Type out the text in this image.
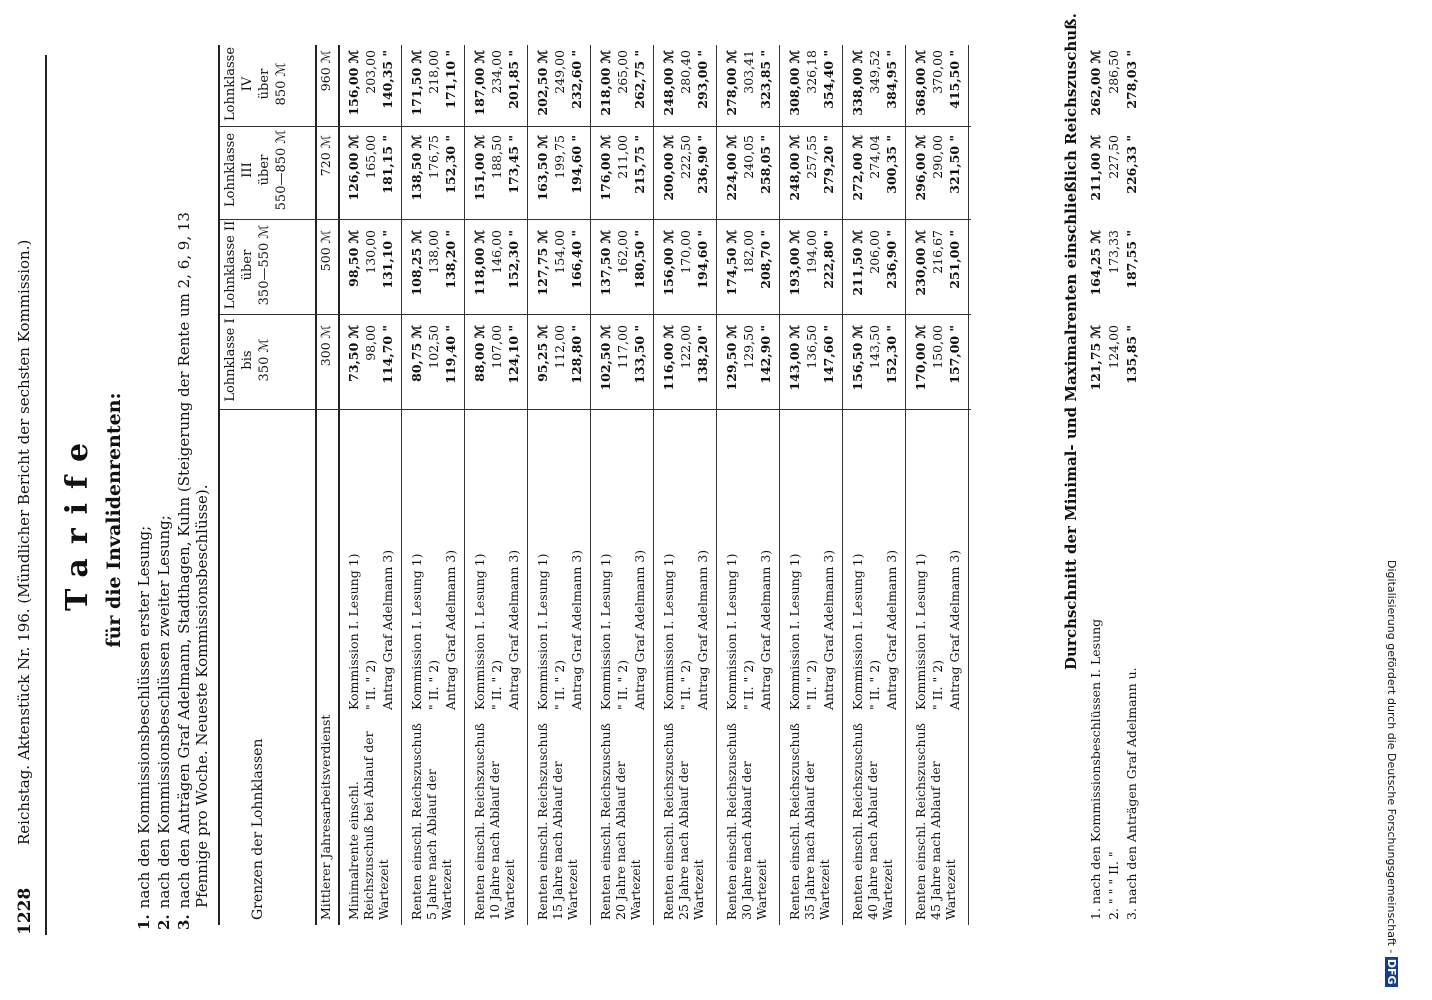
1228
Reichstag. Aktenstück Nr. 196. (Mündlicher Bericht der sechsten Kommission.) Tarife für die Invalidenrenten:
1.nach den Kommissionsbeschlüssen erster Lesung;
2.nach den Kommissionsbeschlüssen zweiter Lesung;
3.nach den Anträgen Graf Adelmann, Stadthagen, Kuhn (Steigerung der Rente um 2, 6, 9, 13 Pfennige pro Woche. Neueste Kommissionsbeschlüsse).	Grenzen der Lohnklassen
Lohnklasse I bis 350 ℳ
Lohnklasse II über 350—550 ℳ
Lohnklasse III über 550—850 ℳ
Lohnklasse IV über 850 ℳ
Mittlerer Jahresarbeitsverdienst
300 ℳ
500 ℳ
720 ℳ
960 ℳ
Minimalrente einschl. Reichszuschuß bei Ablauf der Wartezeit
Kommission I. Lesung 1)
73,50 ℳ
98,50 ℳ
126,00 ℳ
156,00 ℳ
" II. " 2)
98,00
130,00
165,00
203,00
Antrag Graf Adelmann 3)
114,70 "
131,10 "
181,15 "
140,35 "
Renten einschl. Reichszuschuß 5 Jahre nach Ablauf der Wartezeit
Kommission I. Lesung 1)
80,75 ℳ
108,25 ℳ
138,50 ℳ
171,50 ℳ
" II. " 2)
102,50
138,00
176,75
218,00
Antrag Graf Adelmann 3)
119,40 "
138,20 "
152,30 "
171,10 "
Renten einschl. Reichszuschuß 10 Jahre nach Ablauf der Wartezeit
Kommission I. Lesung 1)
88,00 ℳ
118,00 ℳ
151,00 ℳ
187,00 ℳ
" II. " 2)
107,00
146,00
188,50
234,00
Antrag Graf Adelmann 3)
124,10 "
152,30 "
173,45 "
201,85 "
Renten einschl. Reichszuschuß 15 Jahre nach Ablauf der Wartezeit
Kommission I. Lesung 1)
95,25 ℳ
127,75 ℳ
163,50 ℳ
202,50 ℳ
" II. " 2)
112,00
154,00
199,75
249,00
Antrag Graf Adelmann 3)
128,80 "
166,40 "
194,60 "
232,60 "
Renten einschl. Reichszuschuß 20 Jahre nach Ablauf der Wartezeit
Kommission I. Lesung 1)
102,50 ℳ
137,50 ℳ
176,00 ℳ
218,00 ℳ
" II. " 2)
117,00
162,00
211,00
265,00
Antrag Graf Adelmann 3)
133,50 "
180,50 "
215,75 "
262,75 "
Renten einschl. Reichszuschuß 25 Jahre nach Ablauf der Wartezeit
Kommission I. Lesung 1)
116,00 ℳ
156,00 ℳ
200,00 ℳ
248,00 ℳ
" II. " 2)
122,00
170,00
222,50
280,40
Antrag Graf Adelmann 3)
138,20 "
194,60 "
236,90 "
293,00 "
Renten einschl. Reichszuschuß 30 Jahre nach Ablauf der Wartezeit
Kommission I. Lesung 1)
129,50 ℳ
174,50 ℳ
224,00 ℳ
278,00 ℳ
" II. " 2)
129,50
182,00
240,05
303,41
Antrag Graf Adelmann 3)
142,90 "
208,70 "
258,05 "
323,85 "
Renten einschl. Reichszuschuß 35 Jahre nach Ablauf der Wartezeit
Kommission I. Lesung 1)
143,00 ℳ
193,00 ℳ
248,00 ℳ
308,00 ℳ
" II. " 2)
136,50
194,00
257,55
326,18
Antrag Graf Adelmann 3)
147,60 "
222,80 "
279,20 "
354,40 "
Renten einschl. Reichszuschuß 40 Jahre nach Ablauf der Wartezeit
Kommission I. Lesung 1)
156,50 ℳ
211,50 ℳ
272,00 ℳ
338,00 ℳ
" II. " 2)
143,50
206,00
274,04
349,52
Antrag Graf Adelmann 3)
152,30 "
236,90 "
300,35 "
384,95 "
Renten einschl. Reichszuschuß 45 Jahre nach Ablauf der Wartezeit
Kommission I. Lesung 1)
170,00 ℳ
230,00 ℳ
296,00 ℳ
368,00 ℳ
" II. " 2)
150,00
216,67
290,00
370,00
Antrag Graf Adelmann 3)
157,00 "
251,00 "
321,50 "
415,50 "	Durchschnitt der Minimal- und Maximalrenten einschließlich Reichszuschuß.
1. nach den Kommissionsbeschlüssen I. Lesung
121,75 ℳ
164,25 ℳ
211,00 ℳ
262,00 ℳ
2. " " " II. "
124,00
173,33
227,50
286,50
3. nach den Anträgen Graf Adelmann u.
135,85 "
187,55 "
226,33 "
278,03 "
Digitalisierung gefördert durch die Deutsche Forschungsgemeinschaft - DFG
